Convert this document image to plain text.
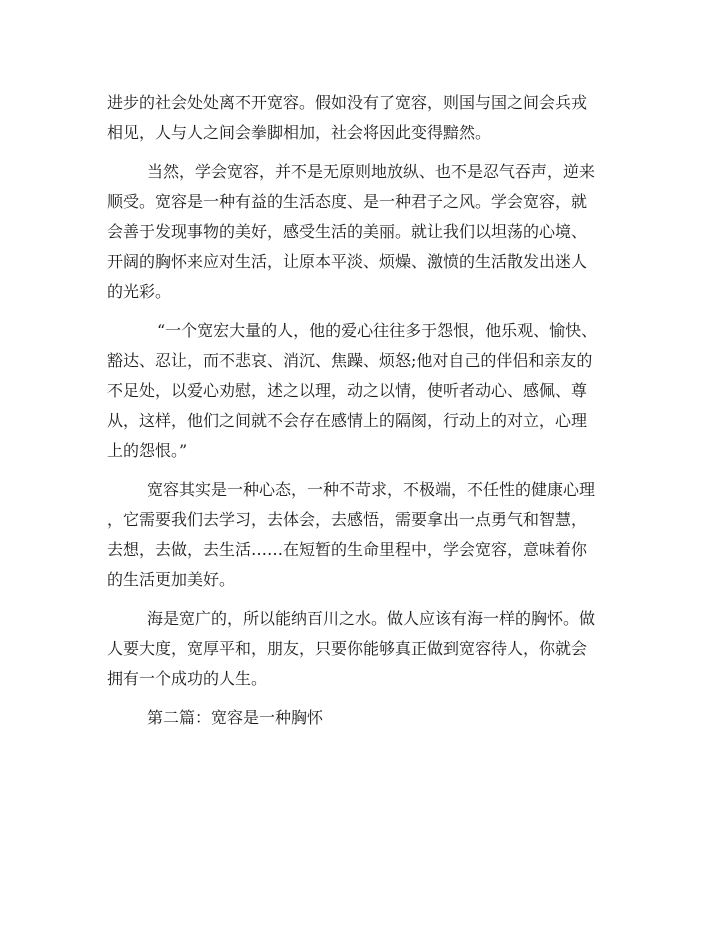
进步的社会处处离不开宽容。假如没有了宽容，则国与国之间会兵戎

相见，人与人之间会拳脚相加，社会将因此变得黯然。

当然，学会宽容，并不是无原则地放纵、也不是忍气吞声，逆来

顺受。宽容是一种有益的生活态度、是一种君子之风。学会宽容，就

会善于发现事物的美好，感受生活的美丽。就让我们以坦荡的心境、

开阔的胸怀来应对生活，让原本平淡、烦燥、激愤的生活散发出迷人

的光彩。

“一个宽宏大量的人，他的爱心往往多于怨恨，他乐观、愉快、

豁达、忍让，而不悲哀、消沉、焦躁、烦怒;他对自己的伴侣和亲友的

不足处，以爱心劝慰，述之以理，动之以情，使听者动心、感佩、尊

从，这样，他们之间就不会存在感情上的隔阂，行动上的对立，心理

上的怨恨。”

宽容其实是一种心态，一种不苛求，不极端，不任性的健康心理

，它需要我们去学习，去体会，去感悟，需要拿出一点勇气和智慧，

去想，去做，去生活……在短暂的生命里程中，学会宽容，意味着你

的生活更加美好。

海是宽广的，所以能纳百川之水。做人应该有海一样的胸怀。做

人要大度，宽厚平和，朋友，只要你能够真正做到宽容待人，你就会

拥有一个成功的人生。

第二篇：宽容是一种胸怀
